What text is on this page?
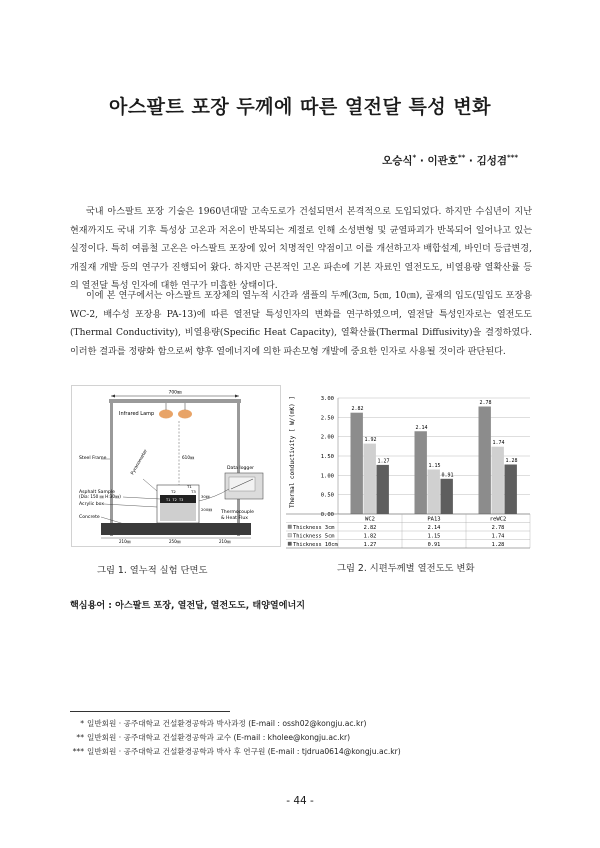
아스팔트 포장 두께에 따른 열전달 특성 변화
오승식* · 이관호** · 김성겸***

국내 아스팔트 포장 기술은 1960년대말 고속도로가 건설되면서 본격적으로 도입되었다. 하지만 수십년이 지난 현재까지도 국내 기후 특성상 고온과 저온이 반복되는 계절로 인해 소성변형 및 균열파괴가 반복되어 일어나고 있는 실정이다. 특히 여름철 고온은 아스팔트 포장에 있어 치명적인 약점이고 이를 개선하고자 배합설계, 바인더 등급변경, 개질재 개발 등의 연구가 진행되어 왔다. 하지만 근본적인 고온 파손에 기본 자료인 열전도도, 비열용량 열확산률 등의 열전달 특성 인자에 대한 연구가 미흡한 상태이다.

이에 본 연구에서는 아스팔트 포장체의 열누적 시간과 샘플의 두께(3㎝, 5㎝, 10㎝), 골재의 입도(밀입도 포장용 WC-2, 배수성 포장용 PA-13)에 따른 열전달 특성인자의 변화를 연구하였으며, 열전달 특성인자로는 열전도도(Thermal Conductivity), 비열용량(Specific Heat Capacity), 열확산률(Thermal Diffusivity)을 결정하였다. 이러한 결과를 정량화 함으로써 향후 열에너지에 의한 파손모형 개발에 중요한 인자로 사용될 것이라 판단된다.

700㎜
Infrared Lamp
610㎜
Steel Frame	Pyranometer	Data logger
T1 T2 T3
T1
T2	T3
30㎜
200㎜
Asphalt Sample
(Dia: 150 ㎜ H:30㎜)
Acrylic box
Concrete
Thermocouple
& Heat Flux
210㎜	250㎜	210㎜
0.00
0.50
1.00
1.50
2.00
2.50
3.00
Thermal conductivity [ W/(mK) ]	2.82
1.92
1.27
2.14
1.15
0.91
2.78
1.74
1.28
WC2	PA13	reWC2
Thickness 3cm	2.82	2.14	2.78
Thickness 5cm	1.82	1.15	1.74
Thickness 10cm	1.27	0.91	1.28
그림 1. 열누적 실험 단면도	그림 2. 시편두께별 열전도도 변화
핵심용어 : 아스팔트 포장, 열전달, 열전도도, 태양열에너지
* 일반회원 · 공주대학교 건설환경공학과 박사과정 (E-mail : ossh02@kongju.ac.kr)
** 일반회원 · 공주대학교 건설환경공학과 교수 (E-mail : kholee@kongju.ac.kr)
*** 일반회원 · 공주대학교 건설환경공학과 박사 후 연구원 (E-mail : tjdrua0614@kongju.ac.kr)
- 44 -
